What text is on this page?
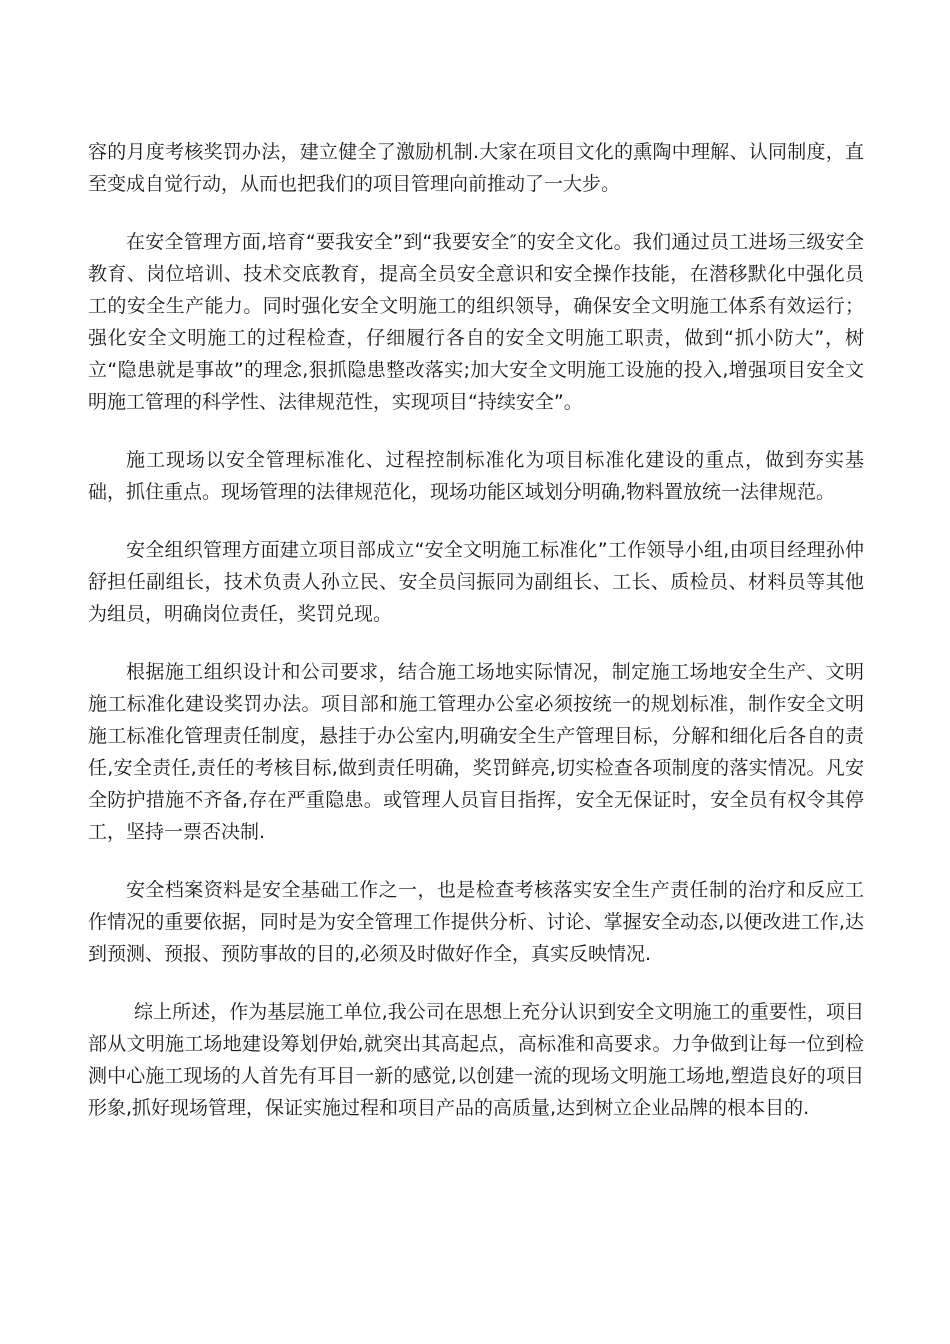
容的月度考核奖罚办法，建立健全了激励机制.大家在项目文化的熏陶中理解、认同制度，直至变成自觉行动，从而也把我们的项目管理向前推动了一大步。

在安全管理方面,培育“要我安全”到“我要安全″的安全文化。我们通过员工进场三级安全教育、岗位培训、技术交底教育，提高全员安全意识和安全操作技能，在潜移默化中强化员工的安全生产能力。同时强化安全文明施工的组织领导，确保安全文明施工体系有效运行；强化安全文明施工的过程检查，仔细履行各自的安全文明施工职责，做到“抓小防大”，树立“隐患就是事故”的理念,狠抓隐患整改落实;加大安全文明施工设施的投入,增强项目安全文明施工管理的科学性、法律规范性，实现项目“持续安全”。

施工现场以安全管理标准化、过程控制标准化为项目标准化建设的重点，做到夯实基础，抓住重点。现场管理的法律规范化，现场功能区域划分明确,物料置放统一法律规范。

安全组织管理方面建立项目部成立“安全文明施工标准化”工作领导小组,由项目经理孙仲舒担任副组长，技术负责人孙立民、安全员闫振同为副组长、工长、质检员、材料员等其他为组员，明确岗位责任，奖罚兑现。

根据施工组织设计和公司要求，结合施工场地实际情况，制定施工场地安全生产、文明施工标准化建设奖罚办法。项目部和施工管理办公室必须按统一的规划标准，制作安全文明施工标准化管理责任制度，悬挂于办公室内,明确安全生产管理目标，分解和细化后各自的责任,安全责任,责任的考核目标,做到责任明确，奖罚鲜亮,切实检查各项制度的落实情况。凡安全防护措施不齐备,存在严重隐患。或管理人员盲目指挥，安全无保证时，安全员有权令其停工，坚持一票否决制.

安全档案资料是安全基础工作之一，也是检查考核落实安全生产责任制的治疗和反应工作情况的重要依据，同时是为安全管理工作提供分析、讨论、掌握安全动态,以便改进工作,达到预测、预报、预防事故的目的,必须及时做好作全，真实反映情况.

综上所述，作为基层施工单位,我公司在思想上充分认识到安全文明施工的重要性，项目部从文明施工场地建设筹划伊始,就突出其高起点，高标准和高要求。力争做到让每一位到检测中心施工现场的人首先有耳目一新的感觉,以创建一流的现场文明施工场地,塑造良好的项目形象,抓好现场管理，保证实施过程和项目产品的高质量,达到树立企业品牌的根本目的.
